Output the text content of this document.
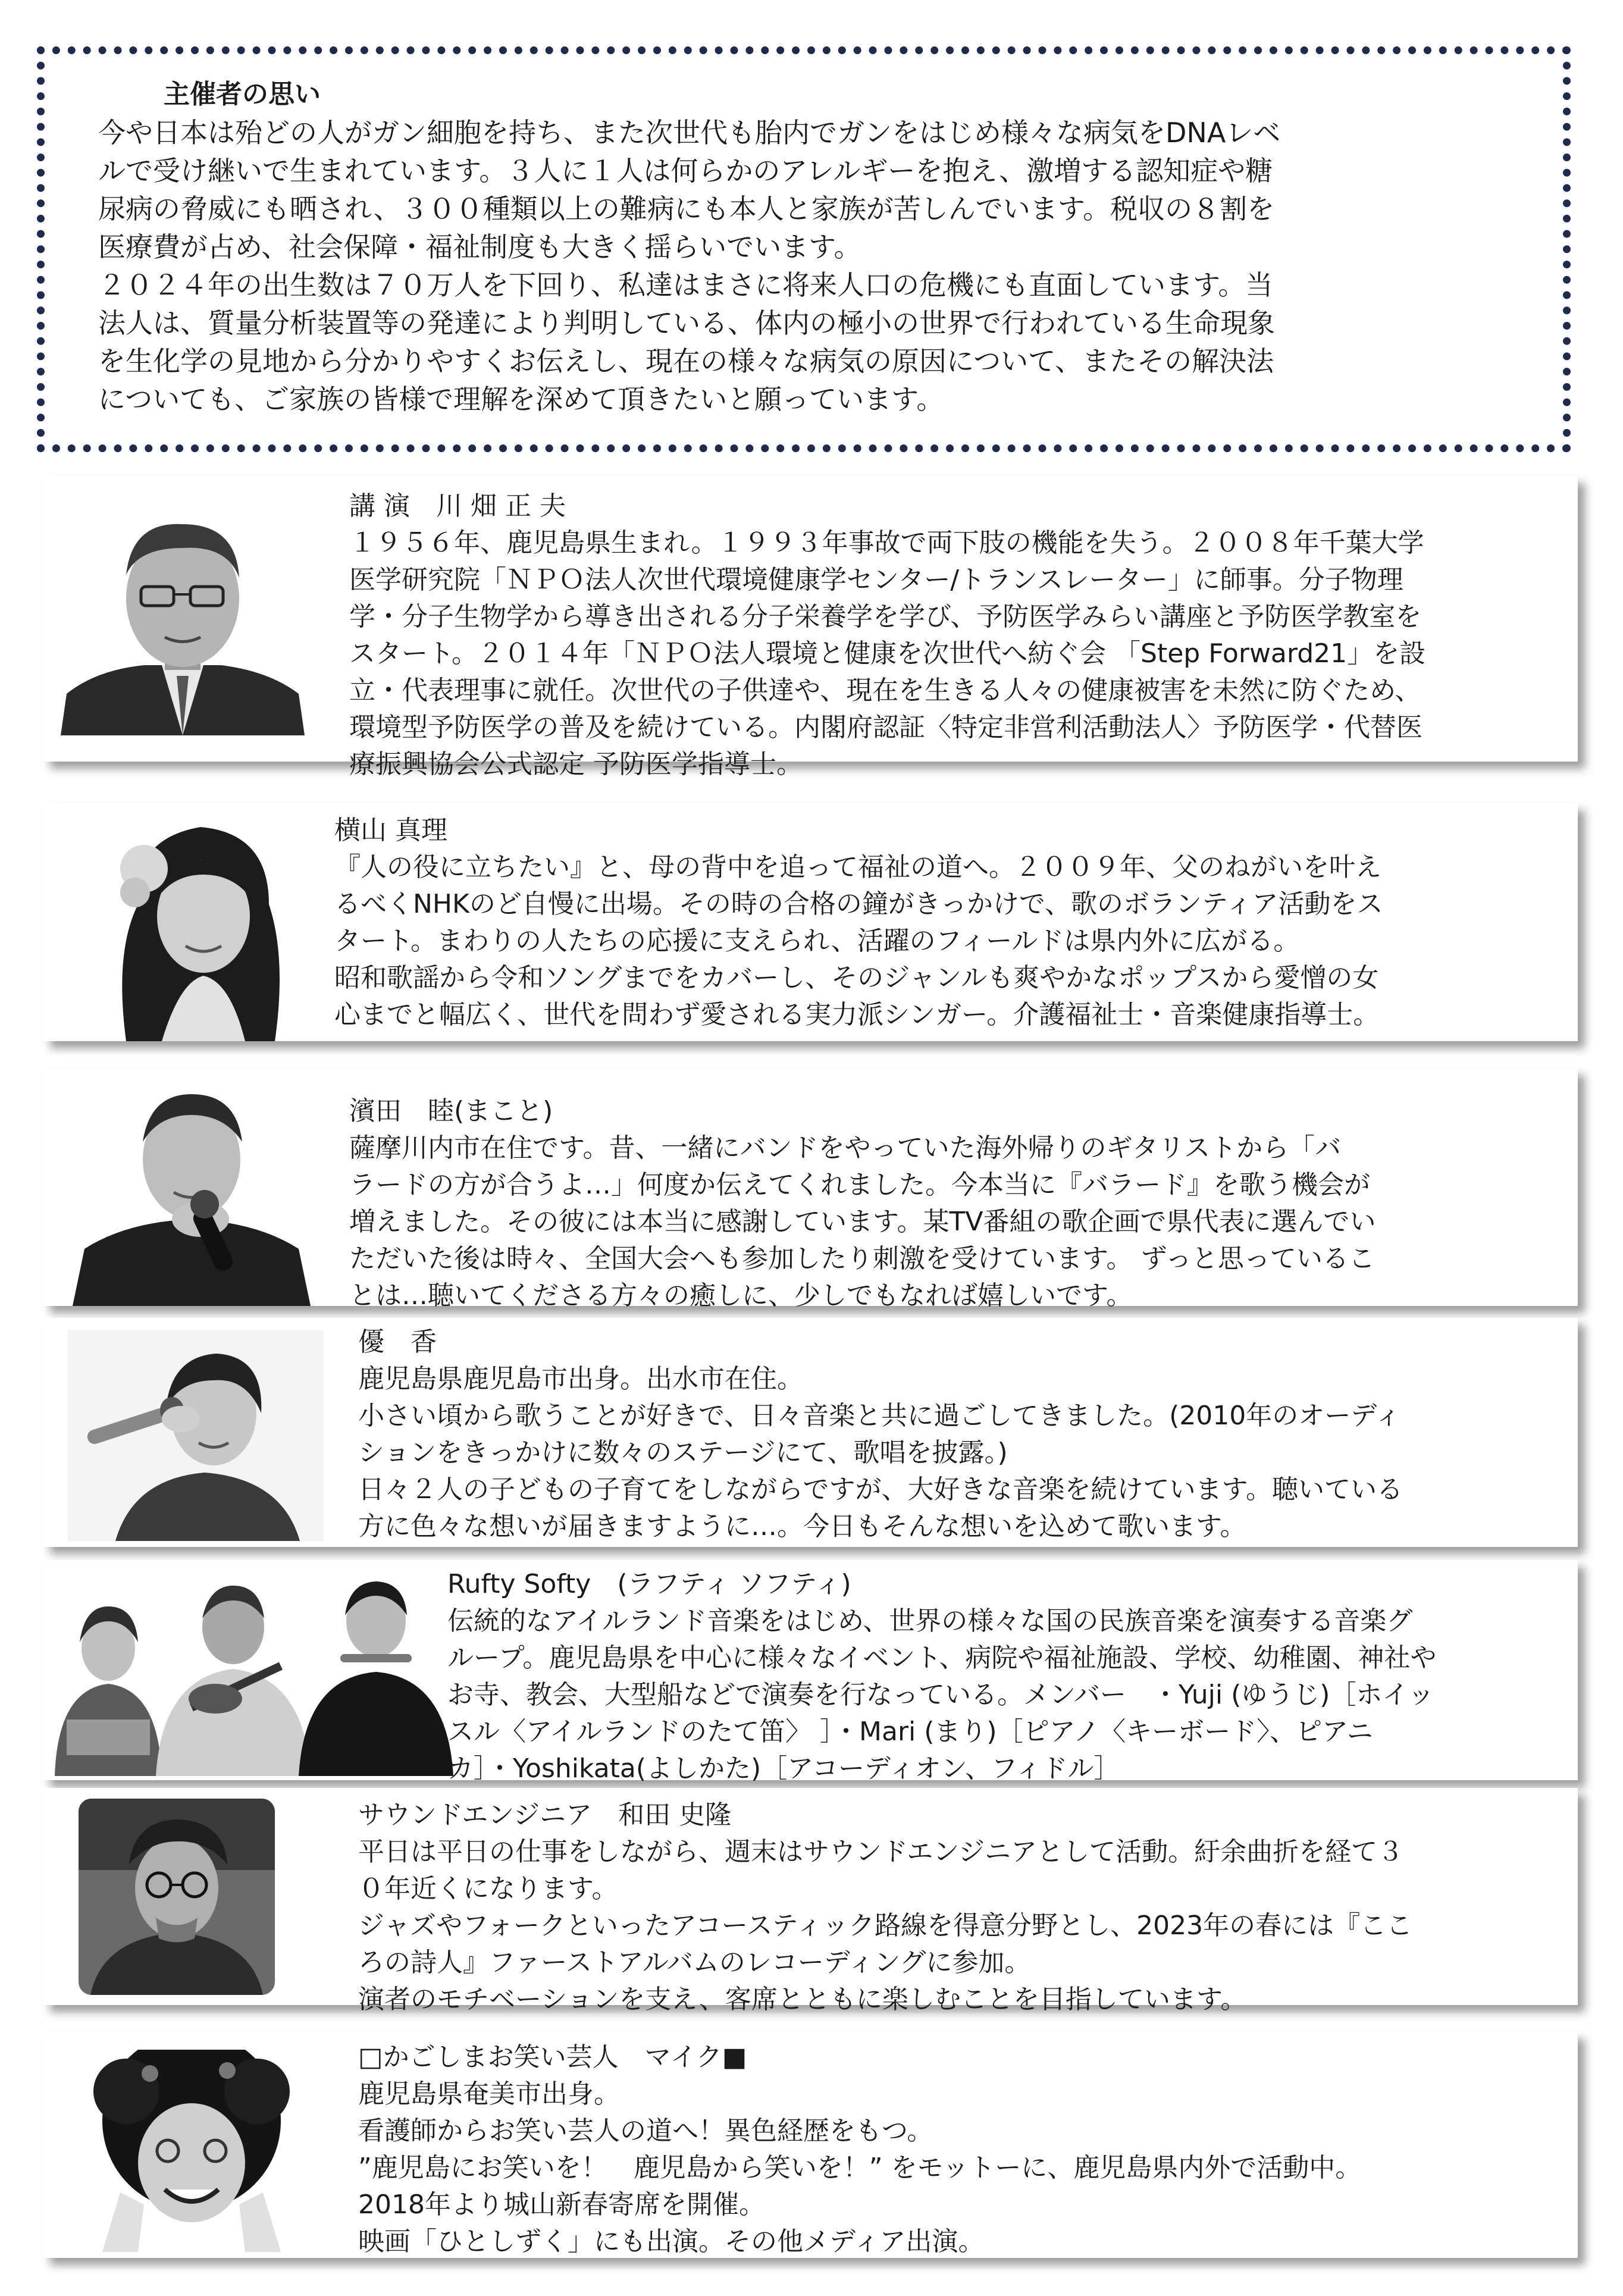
主催者の思い

今や日本は殆どの人がガン細胞を持ち、また次世代も胎内でガンをはじめ様々な病気をDNAレベ

ルで受け継いで生まれています。３人に１人は何らかのアレルギーを抱え、激増する認知症や糖

尿病の脅威にも晒され、３００種類以上の難病にも本人と家族が苦しんでいます。税収の８割を

医療費が占め、社会保障・福祉制度も大きく揺らいでいます。

２０２４年の出生数は７０万人を下回り、私達はまさに将来人口の危機にも直面しています。当

法人は、質量分析装置等の発達により判明している、体内の極小の世界で行われている生命現象

を生化学の見地から分かりやすくお伝えし、現在の様々な病気の原因について、またその解決法

についても、ご家族の皆様で理解を深めて頂きたいと願っています。

講 演　川 畑 正 夫

１９５６年、鹿児島県生まれ。１９９３年事故で両下肢の機能を失う。２００８年千葉大学

医学研究院「ＮＰＯ法人次世代環境健康学センター/トランスレーター」に師事。分子物理

学・分子生物学から導き出される分子栄養学を学び、予防医学みらい講座と予防医学教室を

スタート。２０１４年「ＮＰＯ法人環境と健康を次世代へ紡ぐ会 「Step Forward21」を設

立・代表理事に就任。次世代の子供達や、現在を生きる人々の健康被害を未然に防ぐため、

環境型予防医学の普及を続けている。内閣府認証〈特定非営利活動法人〉予防医学・代替医

療振興協会公式認定 予防医学指導士。

横山 真理

『人の役に立ちたい』と、母の背中を追って福祉の道へ。２００９年、父のねがいを叶え

るべくNHKのど自慢に出場。その時の合格の鐘がきっかけで、歌のボランティア活動をス

タート。まわりの人たちの応援に支えられ、活躍のフィールドは県内外に広がる。

昭和歌謡から令和ソングまでをカバーし、そのジャンルも爽やかなポップスから愛憎の女

心までと幅広く、世代を問わず愛される実力派シンガー。介護福祉士・音楽健康指導士。

濱田　睦(まこと)

薩摩川内市在住です。昔、一緒にバンドをやっていた海外帰りのギタリストから「バ

ラードの方が合うよ…」何度か伝えてくれました。今本当に『バラード』を歌う機会が

増えました。その彼には本当に感謝しています。某TV番組の歌企画で県代表に選んでい

ただいた後は時々、全国大会へも参加したり刺激を受けています。 ずっと思っているこ

とは…聴いてくださる方々の癒しに、少しでもなれば嬉しいです。

優　香

鹿児島県鹿児島市出身。出水市在住。

小さい頃から歌うことが好きで、日々音楽と共に過ごしてきました。(2010年のオーディ

ションをきっかけに数々のステージにて、歌唱を披露。)

日々２人の子どもの子育てをしながらですが、大好きな音楽を続けています。聴いている

方に色々な想いが届きますように…。今日もそんな想いを込めて歌います。

Rufty Softy　(ラフティ ソフティ)

伝統的なアイルランド音楽をはじめ、世界の様々な国の民族音楽を演奏する音楽グ

ループ。鹿児島県を中心に様々なイベント、病院や福祉施設、学校、幼稚園、神社や

お寺、教会、大型船などで演奏を行なっている。メンバー　・Yuji (ゆうじ)［ホイッ

スル〈アイルランドのたて笛〉 ］・Mari (まり)［ピアノ〈キーボード〉、ピアニ

カ］・Yoshikata(よしかた)［アコーディオン、フィドル］

サウンドエンジニア　和田 史隆

平日は平日の仕事をしながら、週末はサウンドエンジニアとして活動。紆余曲折を経て３

０年近くになります。

ジャズやフォークといったアコースティック路線を得意分野とし、2023年の春には『ここ

ろの詩人』ファーストアルバムのレコーディングに参加。

演者のモチベーションを支え、客席とともに楽しむことを目指しています。

□かごしまお笑い芸人　マイク■

鹿児島県奄美市出身。

看護師からお笑い芸人の道へ！異色経歴をもつ。

”鹿児島にお笑いを！　鹿児島から笑いを！” をモットーに、鹿児島県内外で活動中。

2018年より城山新春寄席を開催。

映画「ひとしずく」にも出演。その他メディア出演。
